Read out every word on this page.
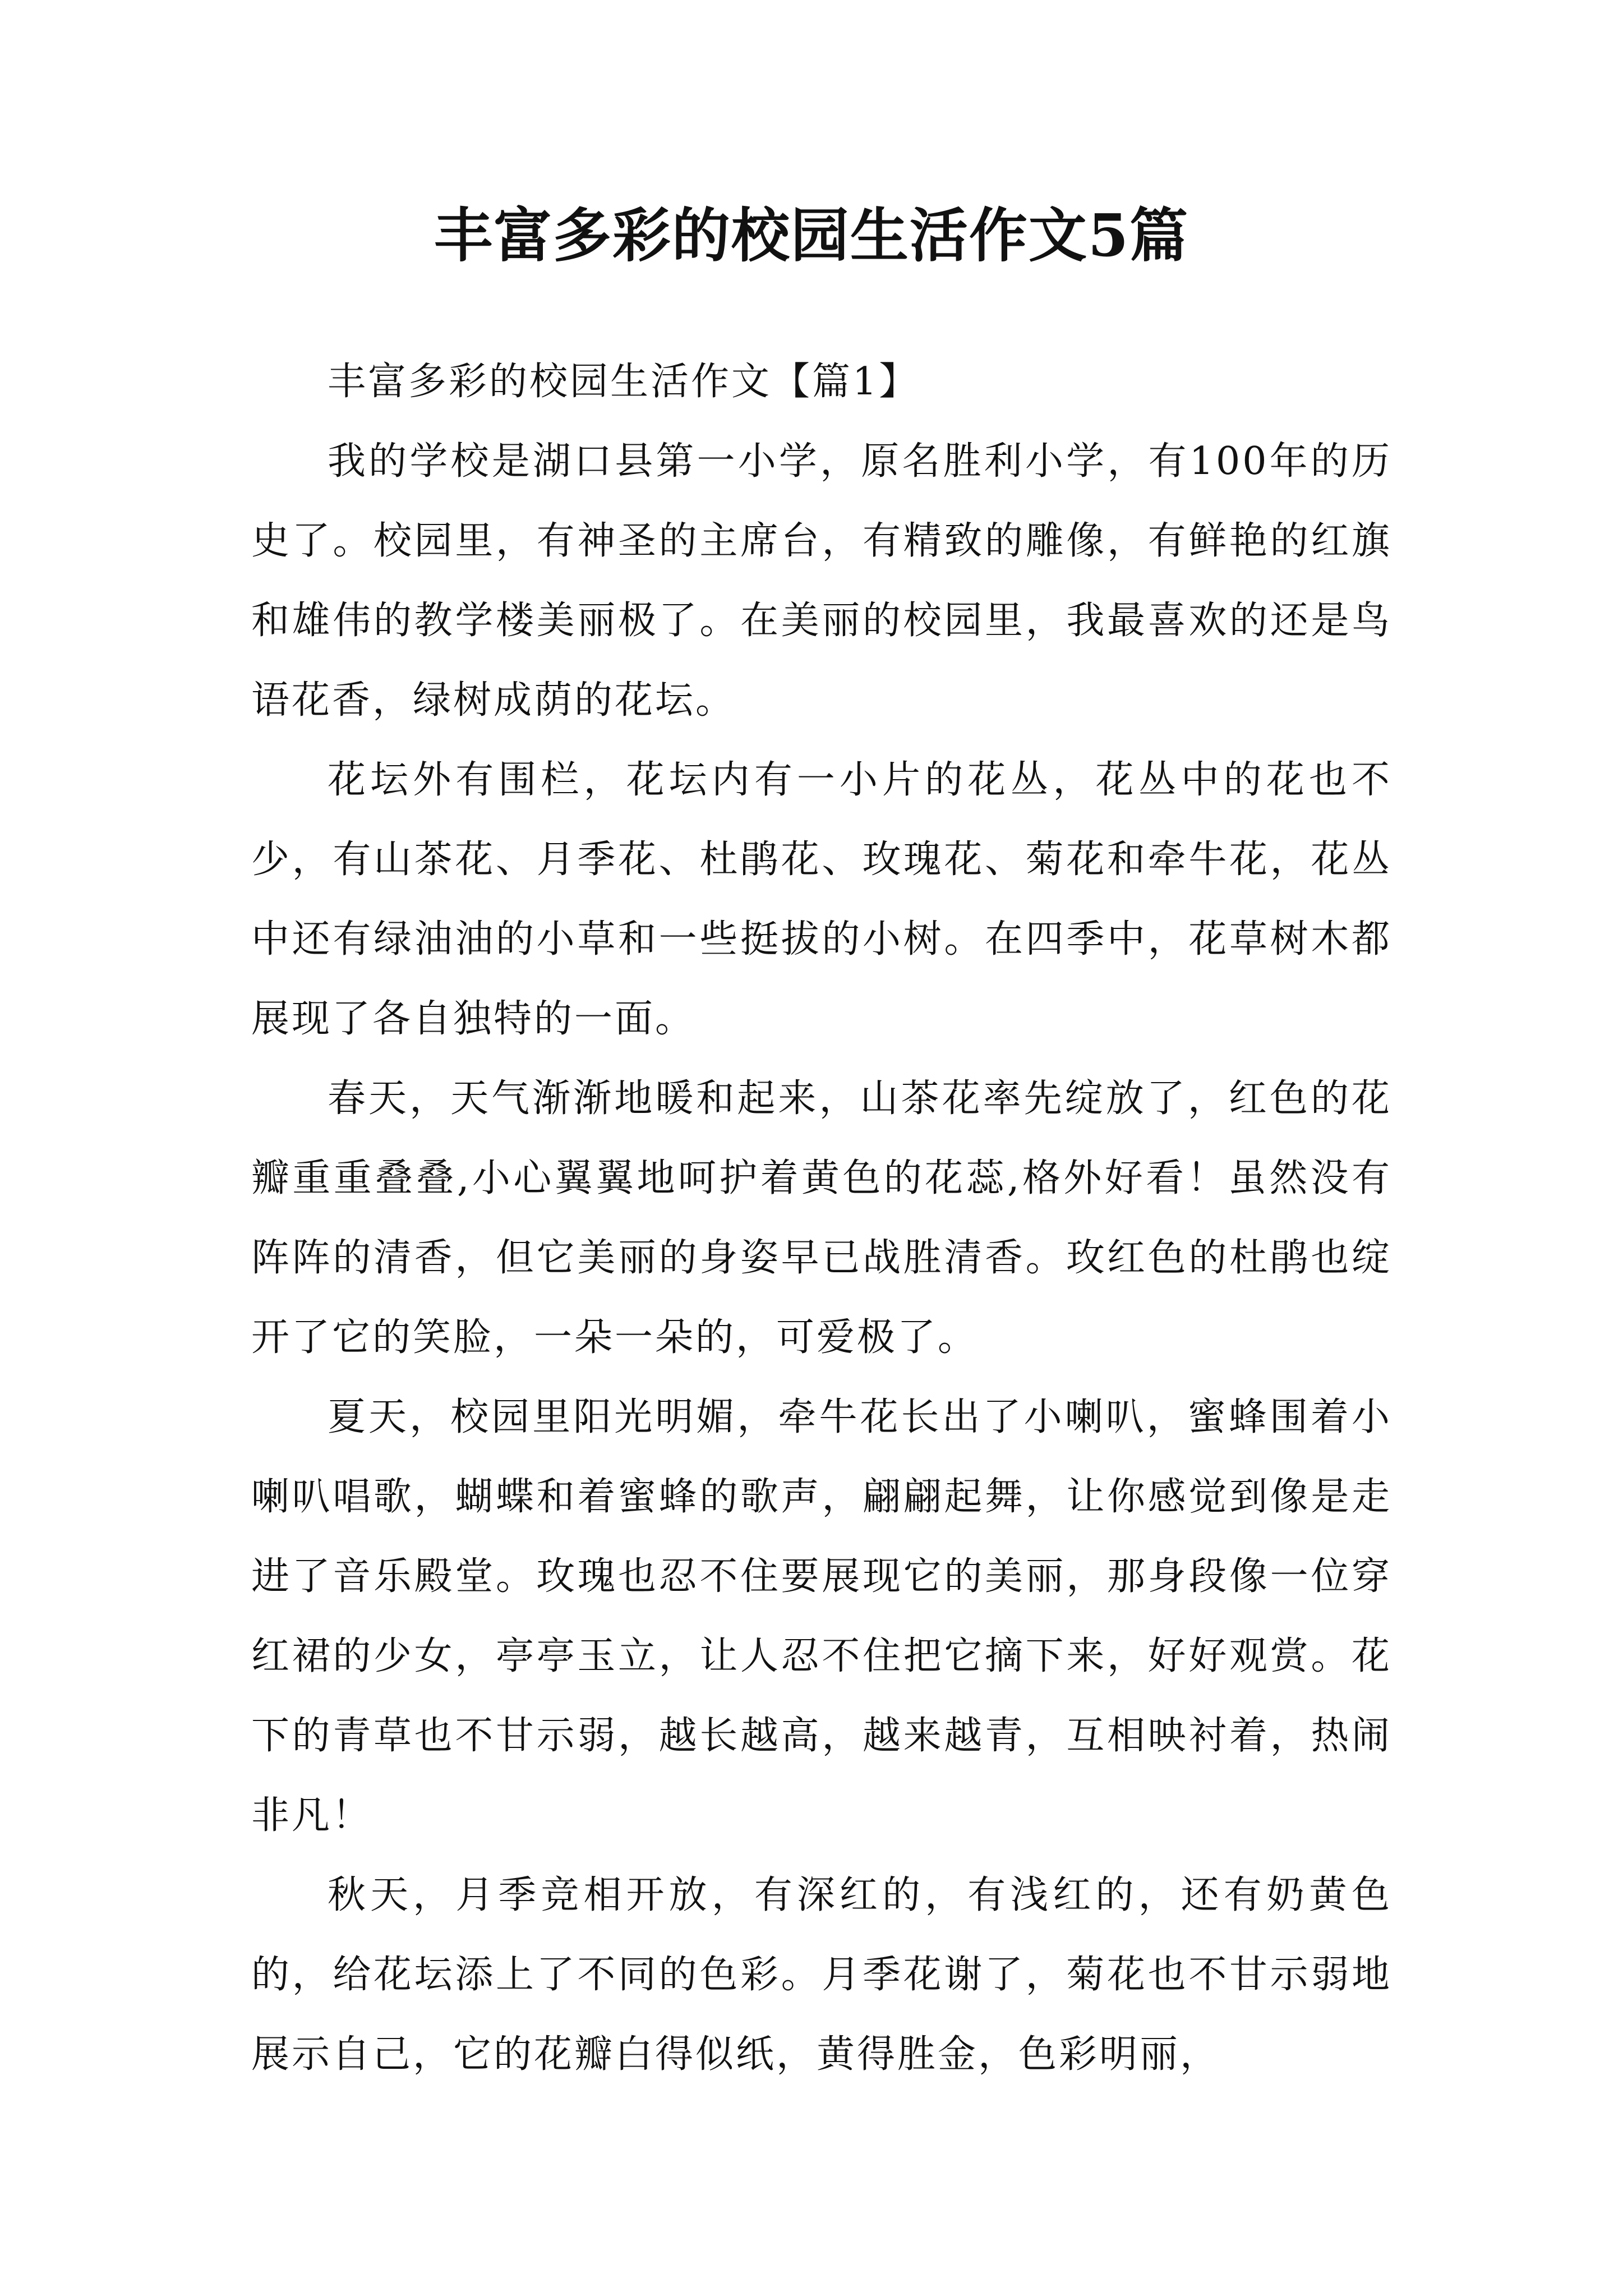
丰富多彩的校园生活作文5篇

丰富多彩的校园生活作文【篇1】

我的学校是湖口县第一小学，原名胜利小学，有100年的历史了。校园里，有神圣的主席台，有精致的雕像，有鲜艳的红旗和雄伟的教学楼美丽极了。在美丽的校园里，我最喜欢的还是鸟语花香，绿树成荫的花坛。

花坛外有围栏，花坛内有一小片的花丛，花丛中的花也不少，有山茶花、月季花、杜鹃花、玫瑰花、菊花和牵牛花，花丛中还有绿油油的小草和一些挺拔的小树。在四季中，花草树木都展现了各自独特的一面。

春天，天气渐渐地暖和起来，山茶花率先绽放了，红色的花瓣重重叠叠,小心翼翼地呵护着黄色的花蕊,格外好看！虽然没有阵阵的清香，但它美丽的身姿早已战胜清香。玫红色的杜鹃也绽开了它的笑脸，一朵一朵的，可爱极了。

夏天，校园里阳光明媚，牵牛花长出了小喇叭，蜜蜂围着小喇叭唱歌，蝴蝶和着蜜蜂的歌声，翩翩起舞，让你感觉到像是走进了音乐殿堂。玫瑰也忍不住要展现它的美丽，那身段像一位穿红裙的少女，亭亭玉立，让人忍不住把它摘下来，好好观赏。花下的青草也不甘示弱，越长越高，越来越青，互相映衬着，热闹非凡！

秋天，月季竞相开放，有深红的，有浅红的，还有奶黄色的，给花坛添上了不同的色彩。月季花谢了，菊花也不甘示弱地展示自己，它的花瓣白得似纸，黄得胜金，色彩明丽，
